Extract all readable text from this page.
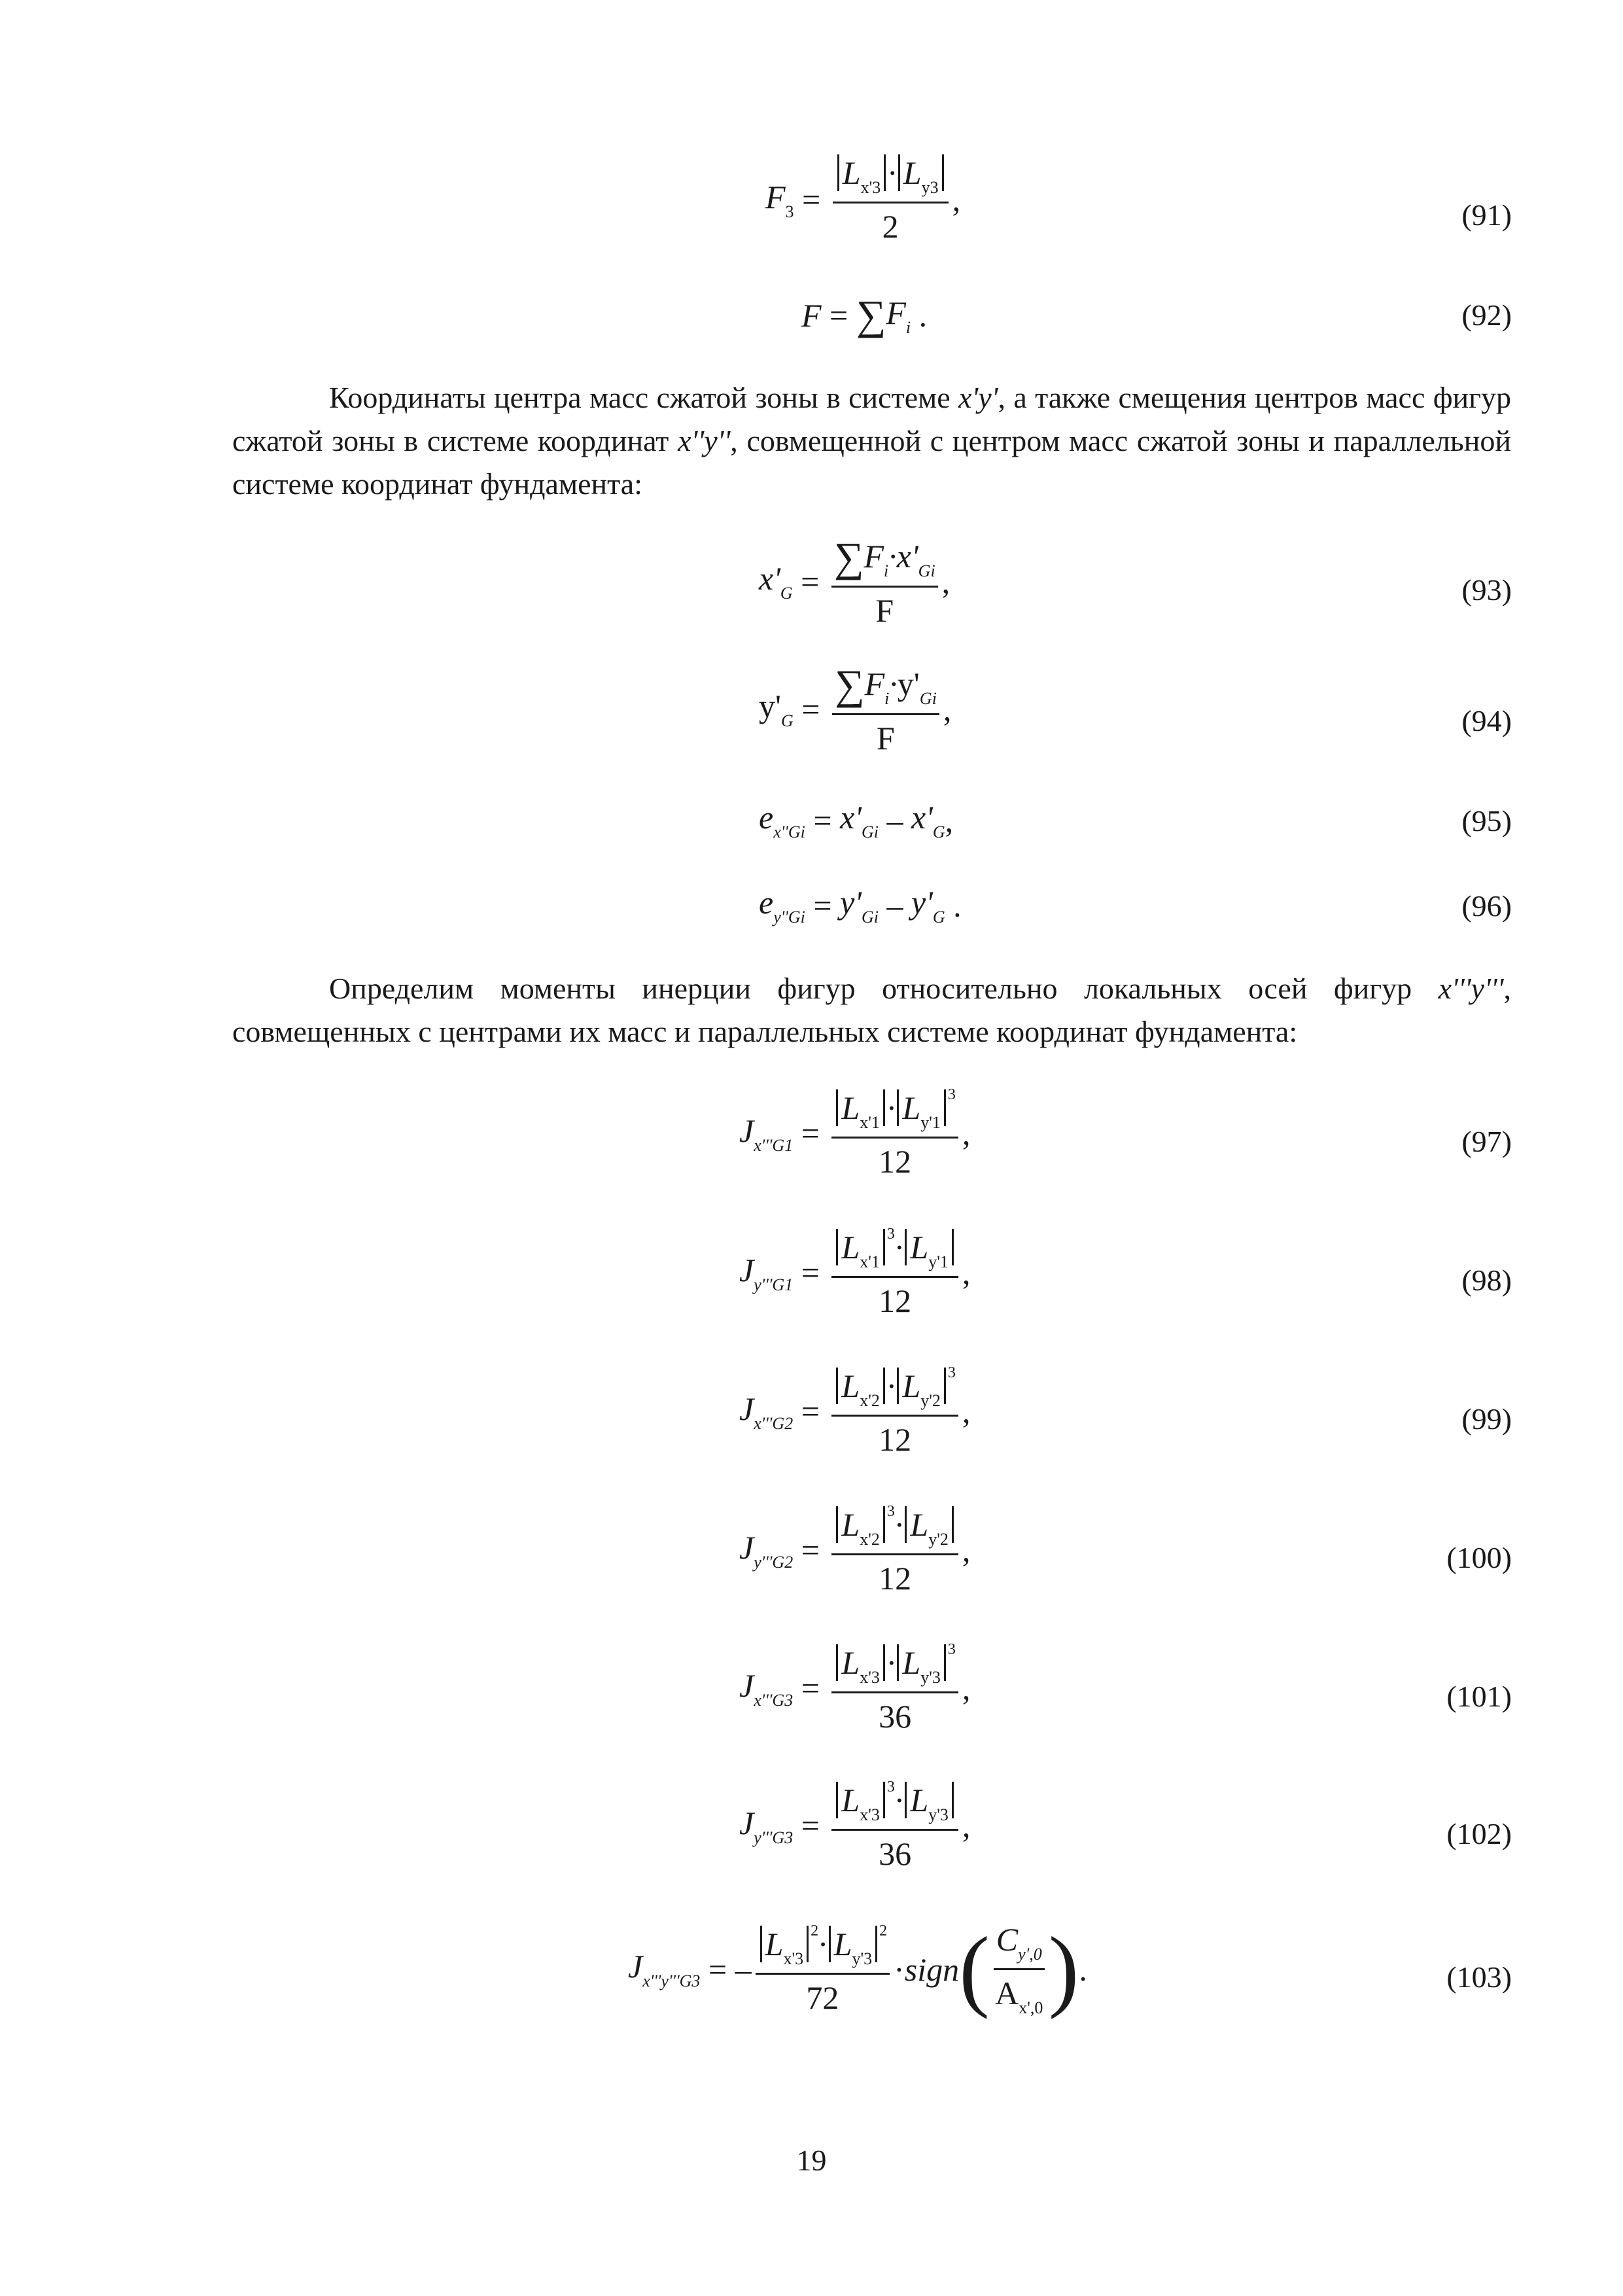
$F_3 = \frac{L_{x'3} \cdot L_{y3}}{2}$ ,	(91)
F = ∑ $F_i$ .	(92)
Координаты центра масс сжатой зоны в системе x'y', а также смещения центров масс фигур сжатой зоны в системе координат x''y'', совмещенной с центром масс сжатой зоны и параллельной системе координат фундамента:
$x'_G = \frac{\sum F_i\cdot x'_{Gi}}{F}$ ,	(93)
$y'_G = \frac{\sum F_i\cdot y'_{Gi}}{F}$ ,	(94)
$e_{x''Gi} = x'_{Gi} - x'_G$ ,	(95)
$e_{y''Gi} = y'_{Gi} - y'_G$ .	(96)
Определим моменты инерции фигур относительно локальных осей фигур x'''y''', совмещенных с центрами их масс и параллельных системе координат фундамента:
$J_{x'''G1} = \frac{L_{x'1} \cdot L_{y'1}^3}{12}$ ,	(97)
$J_{y'''G1} = \frac{L_{x'1}^3\cdot L_{y'1}}{12}$ ,	(98)
$J_{x'''G2} = \frac{L_{x'2} \cdot L_{y'2}^3}{12}$ ,	(99)
$J_{y'''G2} = \frac{L_{x'2}^3\cdot L_{y'2}}{12}$ ,	(100)
$J_{x'''G3} = \frac{L_{x'3} \cdot L_{y'3}^3}{36}$ ,	(101)
$J_{y'''G3} = \frac{L_{x'3}^3\cdot L_{y'3}}{36}$ ,	(102)
$J_{x'''y'''G3}$ = – $\frac{L_{x'3}^2\cdot L_{y'3}^2}{72}$ · sign ( $\frac{C_{y',0}}{A_{x',0}}$ ) .	(103)
19
